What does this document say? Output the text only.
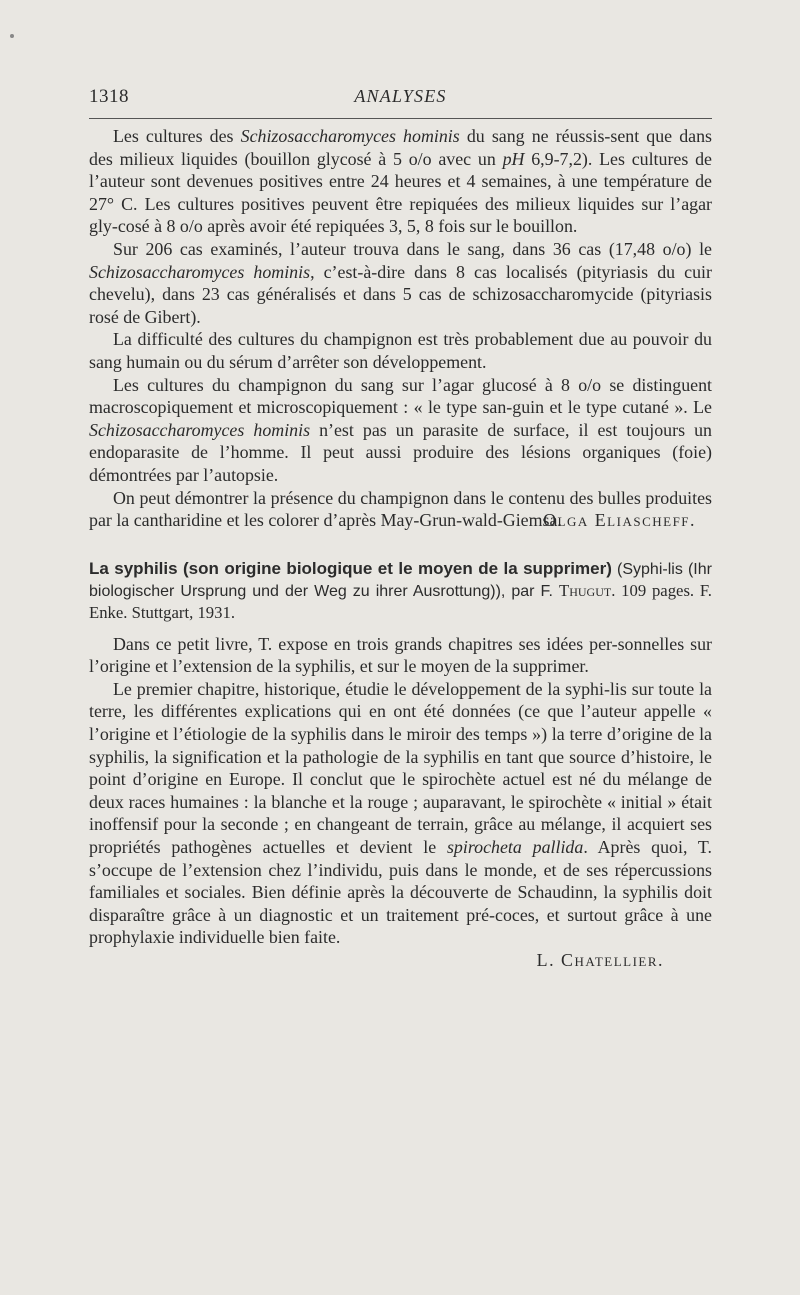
1318	ANALYSES

Les cultures des Schizosaccharomyces hominis du sang ne réussis-sent que dans des milieux liquides (bouillon glycosé à 5 o/o avec un pH 6,9-7,2). Les cultures de l’auteur sont devenues positives entre 24 heures et 4 semaines, à une température de 27° C. Les cultures positives peuvent être repiquées des milieux liquides sur l’agar gly-cosé à 8 o/o après avoir été repiquées 3, 5, 8 fois sur le bouillon.

Sur 206 cas examinés, l’auteur trouva dans le sang, dans 36 cas (17,48 o/o) le Schizosaccharomyces hominis, c’est-à-dire dans 8 cas localisés (pityriasis du cuir chevelu), dans 23 cas généralisés et dans 5 cas de schizosaccharomycide (pityriasis rosé de Gibert).

La difficulté des cultures du champignon est très probablement due au pouvoir du sang humain ou du sérum d’arrêter son développement.

Les cultures du champignon du sang sur l’agar glucosé à 8 o/o se distinguent macroscopiquement et microscopiquement : « le type san-guin et le type cutané ». Le Schizosaccharomyces hominis n’est pas un parasite de surface, il est toujours un endoparasite de l’homme. Il peut aussi produire des lésions organiques (foie) démontrées par l’autopsie.

On peut démontrer la présence du champignon dans le contenu des bulles produites par la cantharidine et les colorer d’après May-Grun-wald-Giemsa.

Olga Eliascheff.
La syphilis (son origine biologique et le moyen de la supprimer) (Syphi-lis (Ihr biologischer Ursprung und der Weg zu ihrer Ausrottung)), par F. Thugut. 109 pages. F. Enke. Stuttgart, 1931.

Dans ce petit livre, T. expose en trois grands chapitres ses idées per-sonnelles sur l’origine et l’extension de la syphilis, et sur le moyen de la supprimer.

Le premier chapitre, historique, étudie le développement de la syphi-lis sur toute la terre, les différentes explications qui en ont été données (ce que l’auteur appelle « l’origine et l’étiologie de la syphilis dans le miroir des temps ») la terre d’origine de la syphilis, la signification et la pathologie de la syphilis en tant que source d’histoire, le point d’origine en Europe. Il conclut que le spirochète actuel est né du mélange de deux races humaines : la blanche et la rouge ; auparavant, le spirochète « initial » était inoffensif pour la seconde ; en changeant de terrain, grâce au mélange, il acquiert ses propriétés pathogènes actuelles et devient le spirocheta pallida. Après quoi, T. s’occupe de l’extension chez l’individu, puis dans le monde, et de ses répercussions familiales et sociales. Bien définie après la découverte de Schaudinn, la syphilis doit disparaître grâce à un diagnostic et un traitement pré-coces, et surtout grâce à une prophylaxie individuelle bien faite.

L. Chatellier.
